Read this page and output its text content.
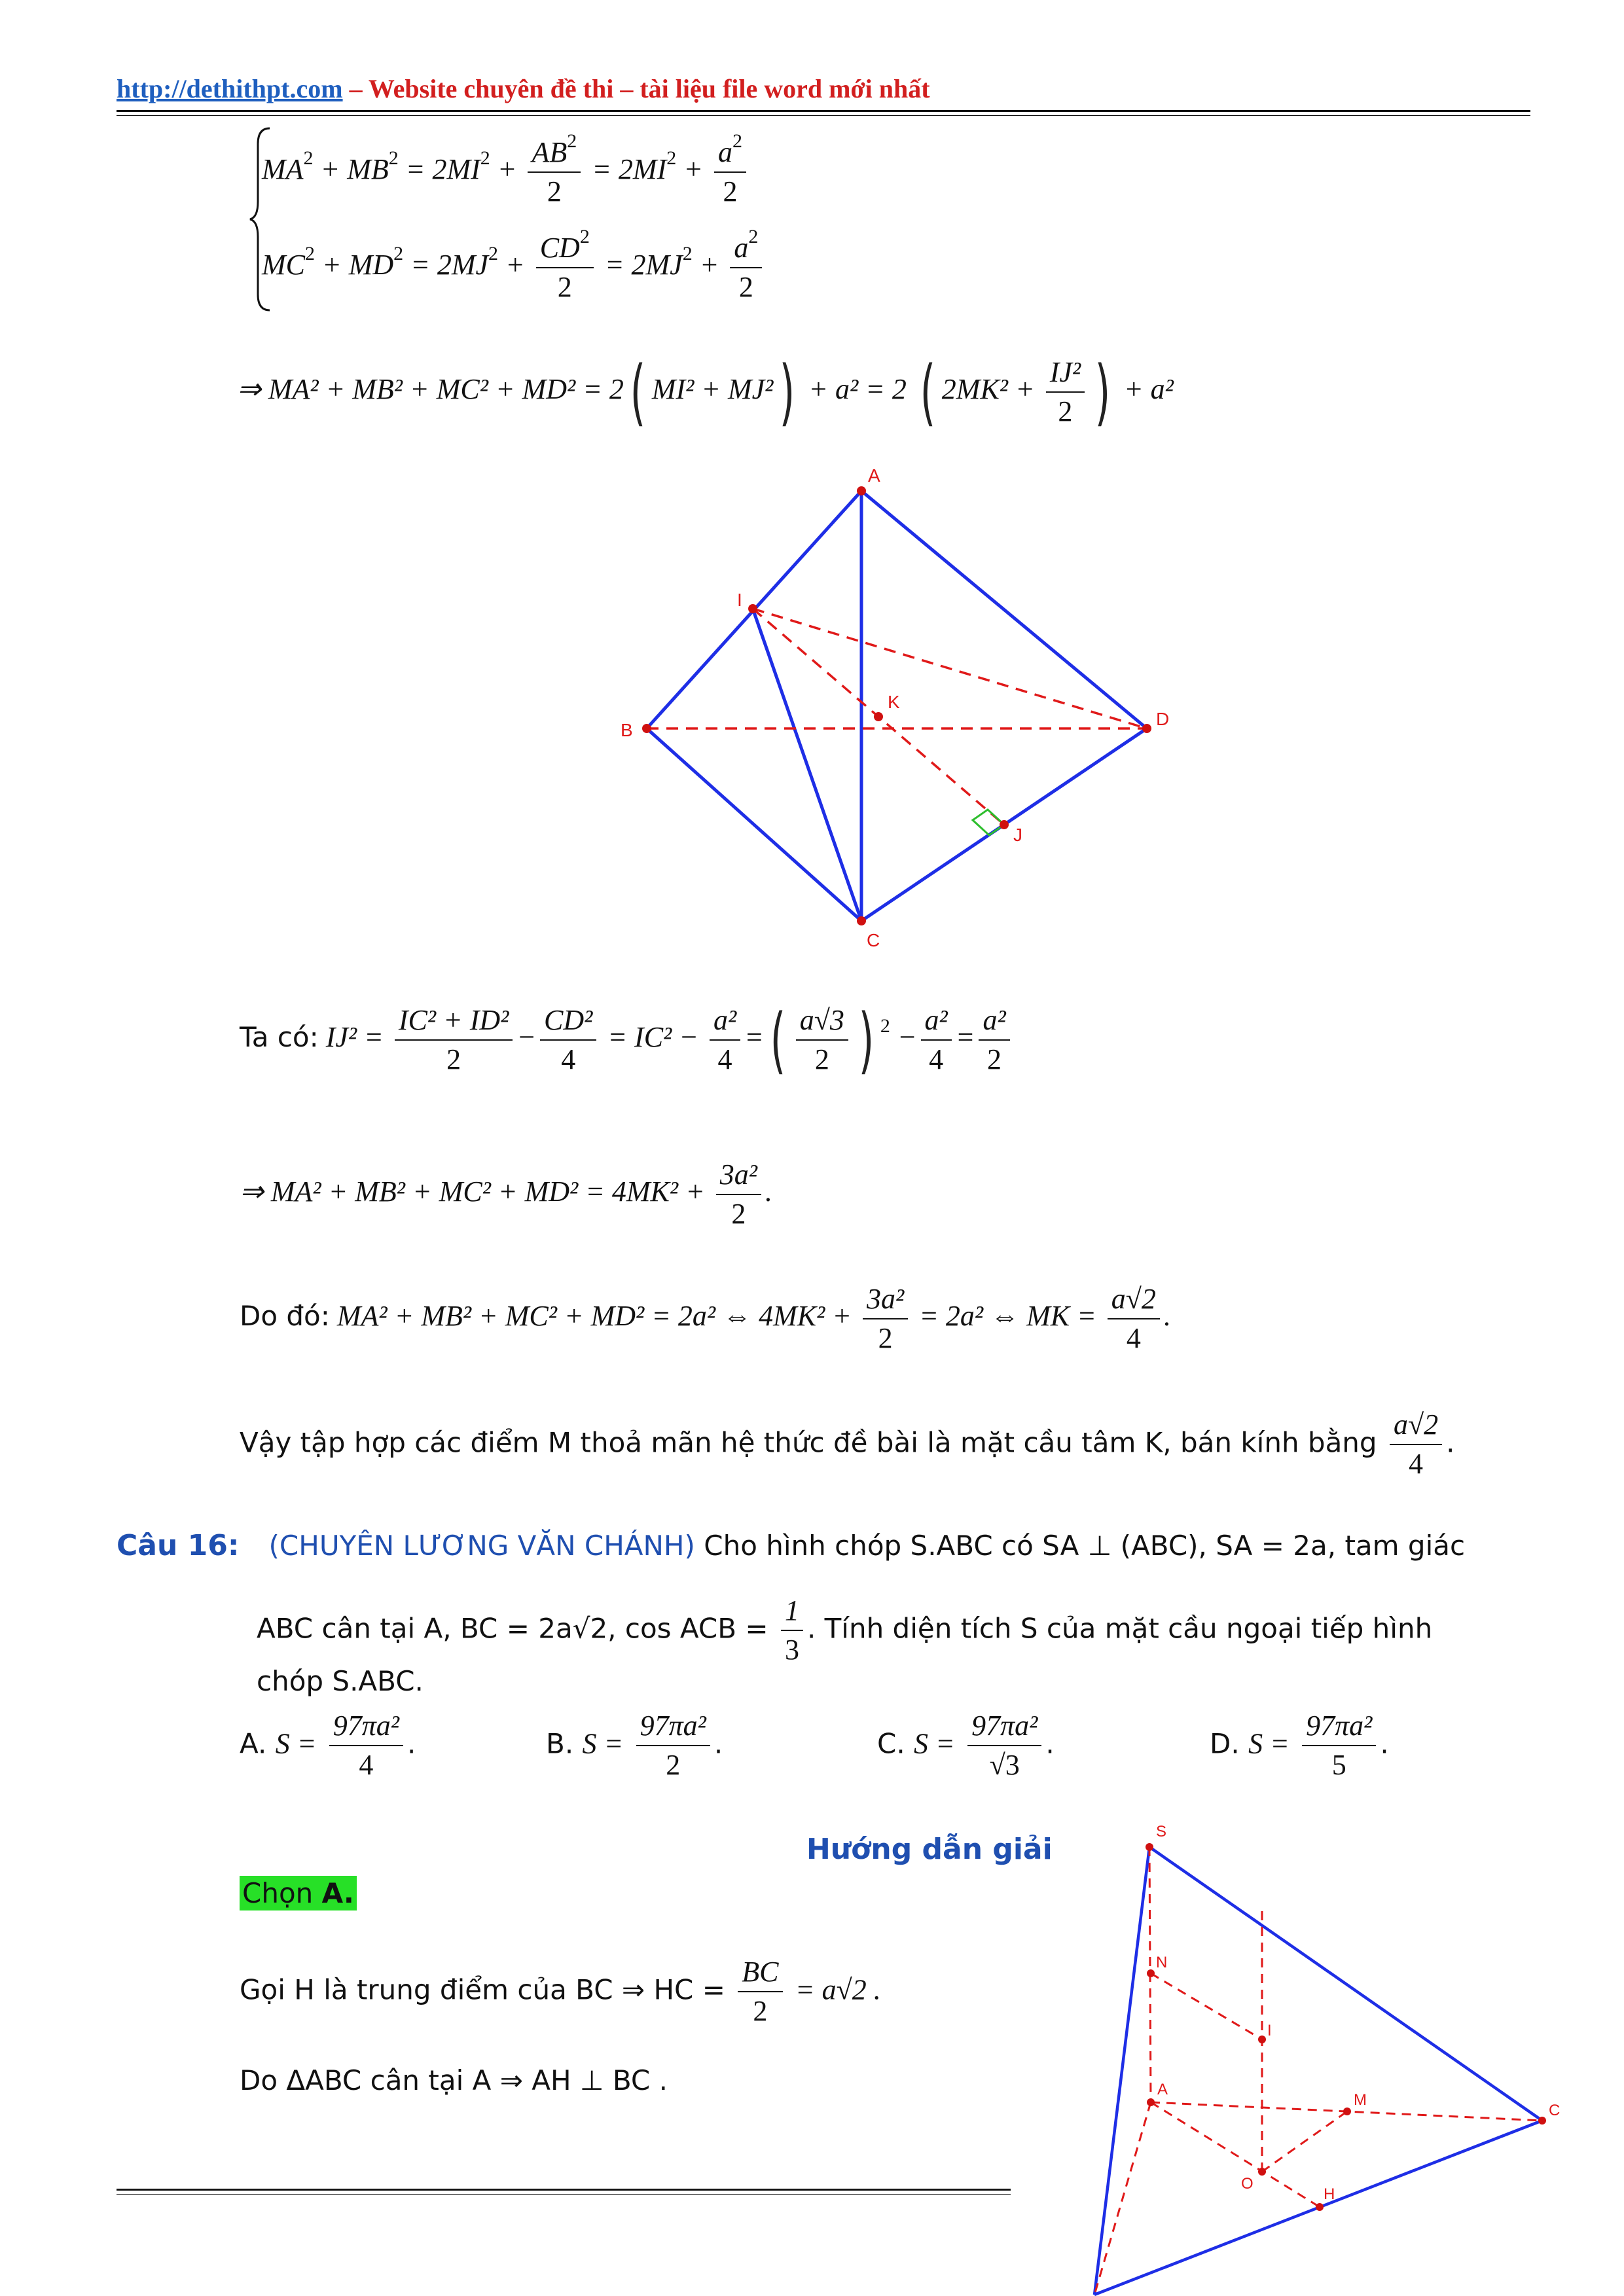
http://dethithpt.com – Website chuyên đề thi – tài liệu file word mới nhất
$MA^2 + MB^2 = 2MI^2 + \frac{AB^2}{2} = 2MI^2 + \frac{a^2}{2}$
$MC^2 + MD^2 = 2MJ^2 + \frac{CD^2}{2} = 2MJ^2 + \frac{a^2}{2}$
⇒ MA² + MB² + MC² + MD² = 2( MI² + MJ²) + a² = 2 ( $2MK^2 + \frac{\text{IJ²}}{2}$ ) + a²
A
B
C
D
I
J
K
Ta có: $IJ^2 = \frac{\text{IC² + ID²}}{2} - \frac{\text{CD²}}{4} = IC^2 - \frac{\text{a²}}{4}$ =( $\frac{a√3}{2}$ ) $^2 - \frac{\text{a²}}{4} = \frac{\text{a²}}{2}$
⇒ $MA^2 + MB^2 + MC^2 + MD^2 = 4MK^2 + \frac{\text{3a²}}{2}$ .
Do đó: MA² + MB² + MC² + MD² = 2a² ⇔ $4MK^2 + \frac{\text{3a²}}{2} = 2a^2$ ⇔ MK = $\frac{a√2}{4}$ .
Vậy tập hợp các điểm M thoả mãn hệ thức đề bài là mặt cầu tâm K, bán kính bằng $\frac{a√2}{4}$ .
Câu 16: (CHUYÊN LƯƠNG VĂN CHÁNH) Cho hình chóp S.ABC có SA ⊥ (ABC), SA = 2a, tam giác
ABC cân tại A, BC = 2a√2, cos ACB = $\frac{1}{3}$ . Tính diện tích S của mặt cầu ngoại tiếp hình
chóp S.ABC.
A. $S = \frac{\text{97πa²}}{4}$ .	B. $S = \frac{\text{97πa²}}{2}$ .	C. $S = \frac{\text{97πa²}}{√3}$ .	D. $S = \frac{\text{97πa²}}{5}$ .
Hướng dẫn giải
Chọn A.
Gọi H là trung điểm của BC ⇒ HC = $\frac{BC}{2} = a√2$ .
Do ΔABC cân tại A ⇒ AH ⊥ BC .
S
N
I
A
M
C
O
H
